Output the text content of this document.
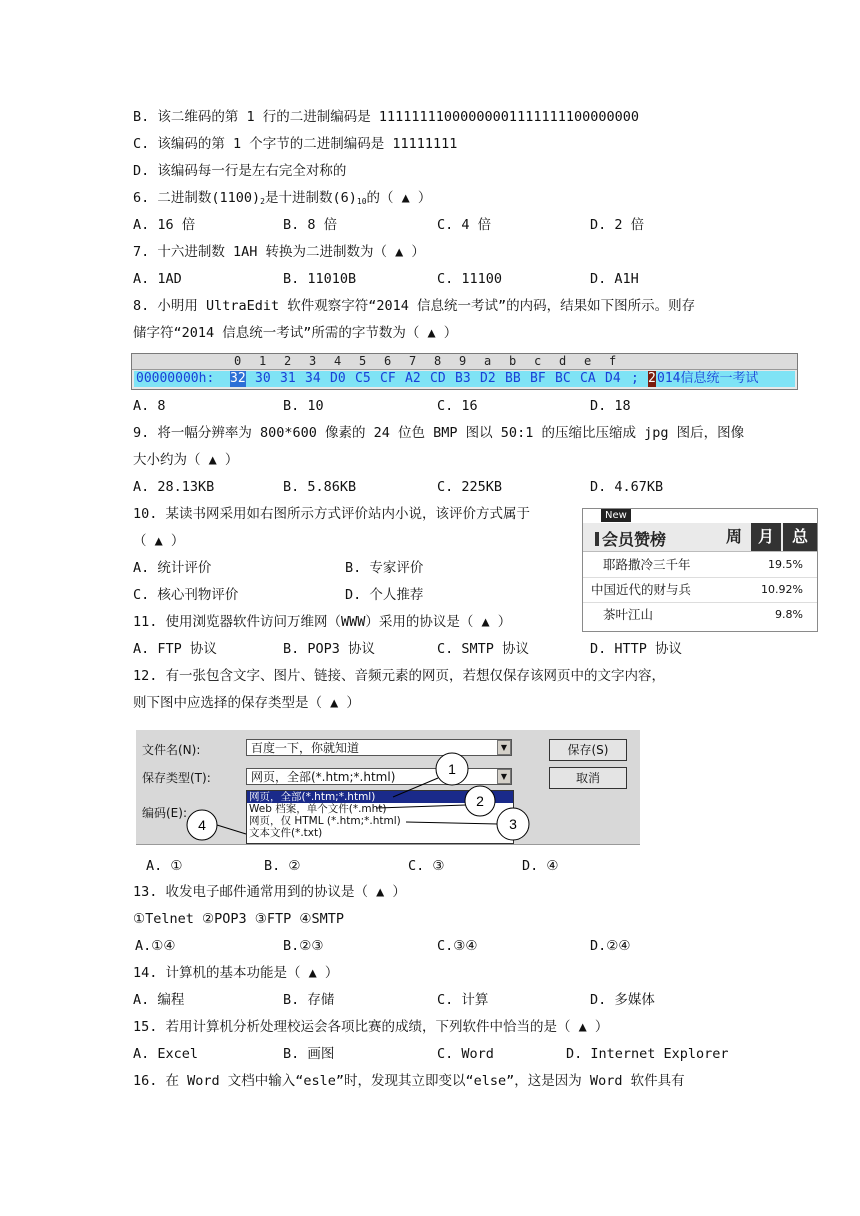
B. 该二维码的第 1 行的二进制编码是 11111111000000001111111100000000
C. 该编码的第 1 个字节的二进制编码是 11111111
D. 该编码每一行是左右完全对称的
6. 二进制数$(1100)_2$是十进制数$(6)_{10}$的（ ▲ ）
A. 16 倍	B. 8 倍	C. 4 倍	D. 2 倍
7. 十六进制数 1AH 转换为二进制数为（ ▲ ）
A. 1AD	B. 11010B	C. 11100	D. A1H
8. 小明用 UltraEdit 软件观察字符“2014 信息统一考试”的内码，结果如下图所示。则存
储字符“2014 信息统一考试”所需的字节数为（ ▲ ）
0 1 2 3 4 5 6 7 8 9 a b c d e f
00000000h: 32 30 31 34 D0 C5 CF A2 CD B3 D2 BB BF BC CA D4 ; 2 014信息统一考试
A. 8	B. 10	C. 16	D. 18
9. 将一幅分辨率为 800*600 像素的 24 位色 BMP 图以 50:1 的压缩比压缩成 jpg 图后，图像
大小约为（ ▲ ）
A. 28.13KB	B. 5.86KB	C. 225KB	D. 4.67KB
10. 某读书网采用如右图所示方式评价站内小说，该评价方式属于
（ ▲ ）
A. 统计评价	B. 专家评价
C. 核心刊物评价	D. 个人推荐
New
会员赞榜	周 月	总
耶路撒冷三千年	19.5%
中国近代的财与兵	10.92%
茶叶江山	9.8%
11. 使用浏览器软件访问万维网（WWW）采用的协议是（ ▲ ）
A. FTP 协议	B. POP3 协议	C. SMTP 协议	D. HTTP 协议
12. 有一张包含文字、图片、链接、音频元素的网页，若想仅保存该网页中的文字内容，
则下图中应选择的保存类型是（ ▲ ）
文件名(N):	百度一下，你就知道	▼
保存类型(T):	网页，全部(*.htm;*.html)	▼
编码(E):
网页，全部(*.htm;*.html)
Web 档案，单个文件(*.mht)
网页，仅 HTML (*.htm;*.html)
文本文件(*.txt)
保存(S)
取消
1
2
3
4
A. ①	B. ②	C. ③	D. ④
13. 收发电子邮件通常用到的协议是（ ▲ ）
①Telnet ②POP3 ③FTP ④SMTP
A.①④	B.②③	C.③④	D.②④
14. 计算机的基本功能是（ ▲ ）
A. 编程	B. 存储	C. 计算	D. 多媒体
15. 若用计算机分析处理校运会各项比赛的成绩，下列软件中恰当的是（ ▲ ）
A. Excel	B. 画图	C. Word	D. Internet Explorer
16. 在 Word 文档中输入“esle”时，发现其立即变以“else”，这是因为 Word 软件具有
